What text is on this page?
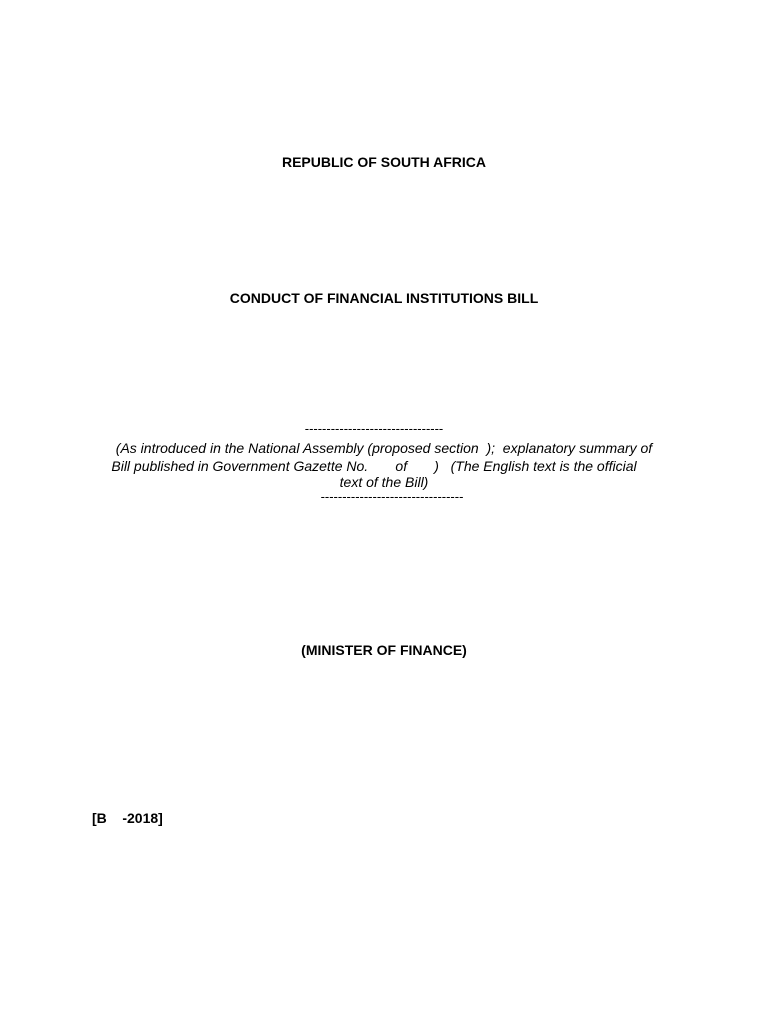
REPUBLIC OF SOUTH AFRICA

CONDUCT OF FINANCIAL INSTITUTIONS BILL

--------------------------------

(As introduced in the National Assembly (proposed section  );  explanatory summary of

Bill published in Government Gazette No.       of       )   (The English text is the official

text of the Bill)

---------------------------------

(MINISTER OF FINANCE)

[B    -2018]
